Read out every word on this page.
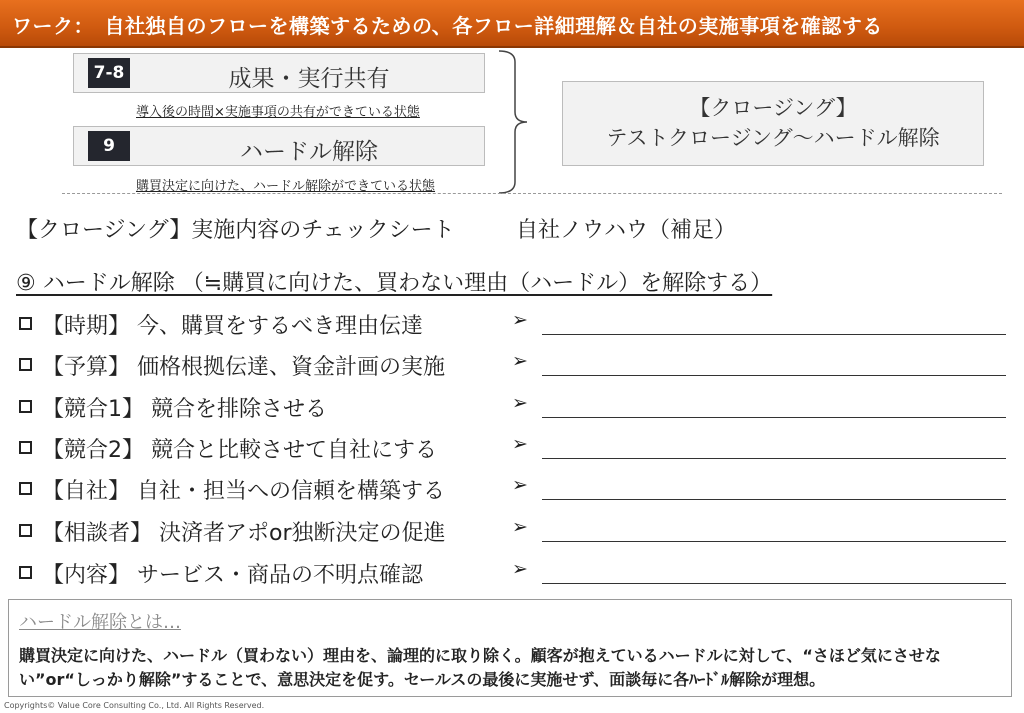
ワーク：　自社独自のフローを構築するための、各フロー詳細理解＆自社の実施事項を確認する
7-8	成果・実行共有
導入後の時間×実施事項の共有ができている状態
9	ハードル解除
購買決定に向けた、ハードル解除ができている状態
【クロージング】
テストクロージング～ハードル解除
【クロージング】実施内容のチェックシート	自社ノウハウ（補足）
⑨ ハードル解除 （≒購買に向けた、買わない理由（ハードル）を解除する）
【時期】 今、購買をするべき理由伝達	➢
【予算】 価格根拠伝達、資金計画の実施	➢
【競合1】 競合を排除させる	➢
【競合2】 競合と比較させて自社にする	➢
【自社】 自社・担当への信頼を構築する	➢
【相談者】 決済者アポor独断決定の促進	➢
【内容】 サービス・商品の不明点確認	➢
ハードル解除とは…
購買決定に向けた、ハードル（買わない）理由を、論理的に取り除く。顧客が抱えているハードルに対して、“さほど気にさせない”or“しっかり解除”することで、意思決定を促す。セールスの最後に実施せず、面談毎に各ﾊｰﾄﾞﾙ解除が理想。
Copyrights© Value Core Consulting Co., Ltd. All Rights Reserved.
